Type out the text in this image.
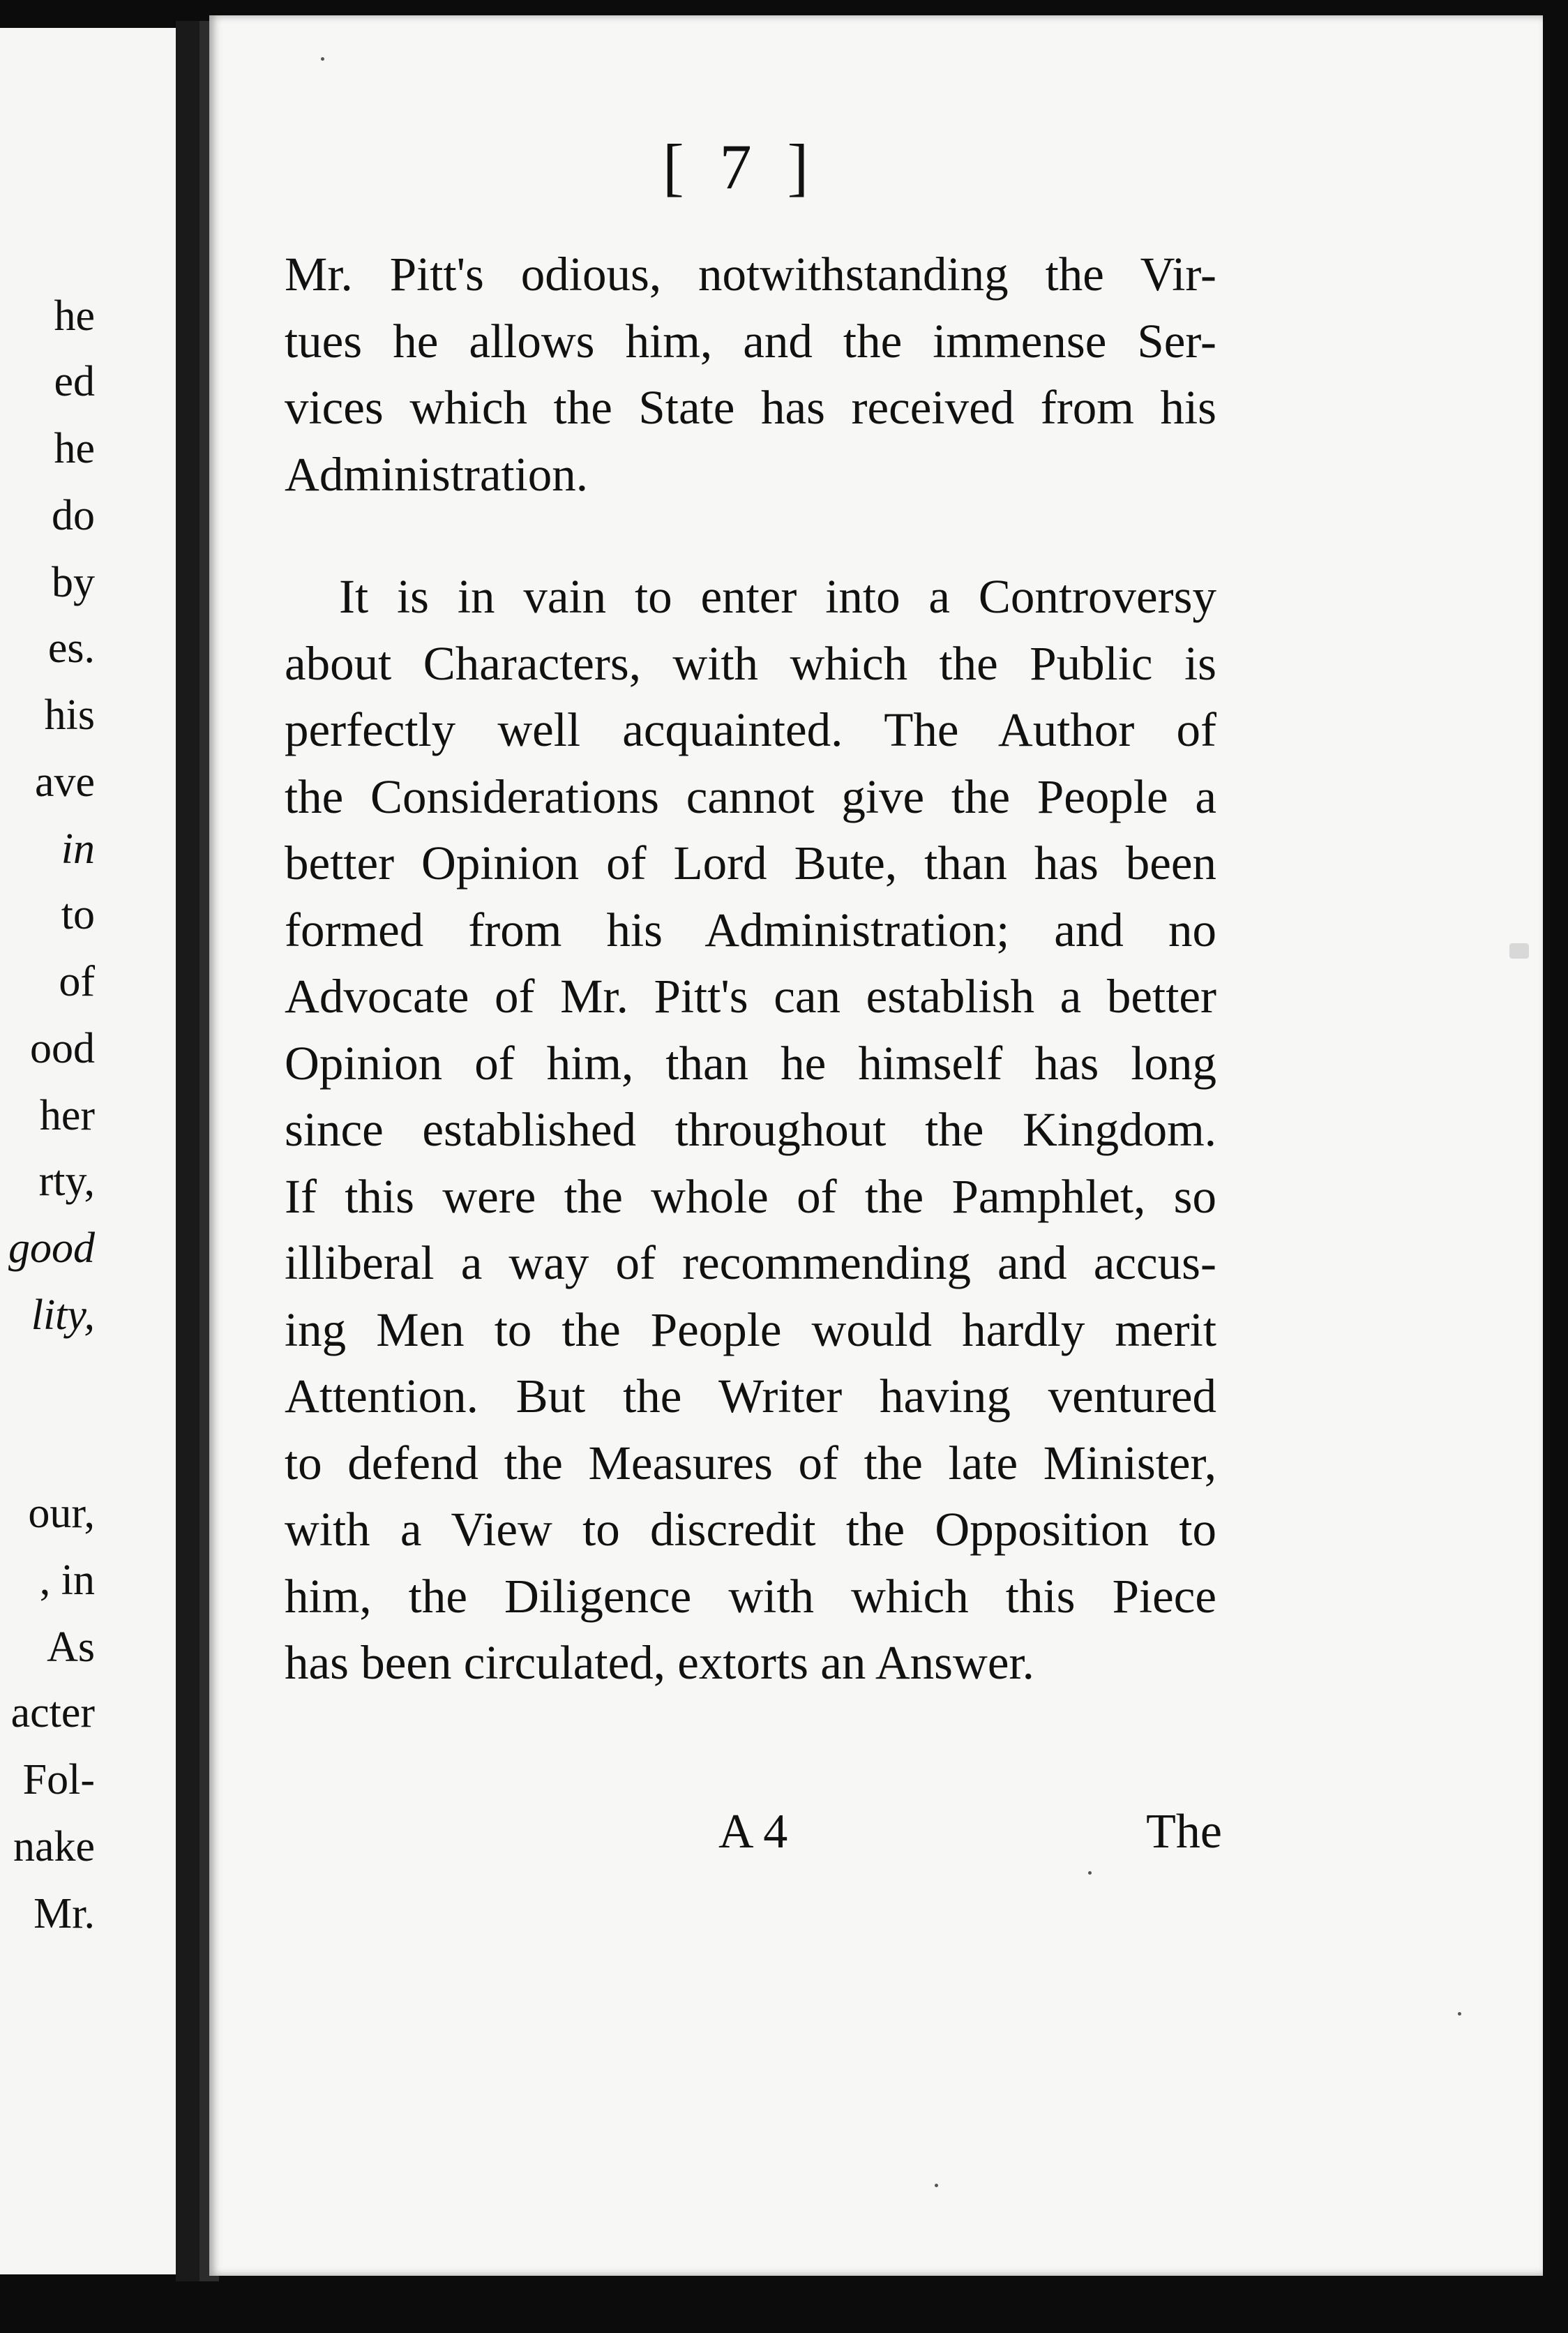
he
ed
he
do
by
es.
his
ave
in
to
of
ood
her
rty,
good
lity,
our,
, in
As
acter
Fol-
nake
Mr.
[ 7 ]
Mr. Pitt's odious, notwithstanding the Vir-
tues he allows him, and the immense Ser-
vices which the State has received from his
Administration.
It is in vain to enter into a Controversy
about Characters, with which the Public is
perfectly well acquainted. The Author of
the Considerations cannot give the People a
better Opinion of Lord Bute, than has been
formed from his Administration; and no
Advocate of Mr. Pitt's can establish a better
Opinion of him, than he himself has long
since established throughout the Kingdom.
If this were the whole of the Pamphlet, so
illiberal a way of recommending and accus-
ing Men to the People would hardly merit
Attention. But the Writer having ventured
to defend the Measures of the late Minister,
with a View to discredit the Opposition to
him, the Diligence with which this Piece
has been circulated, extorts an Answer.
A 4	The
